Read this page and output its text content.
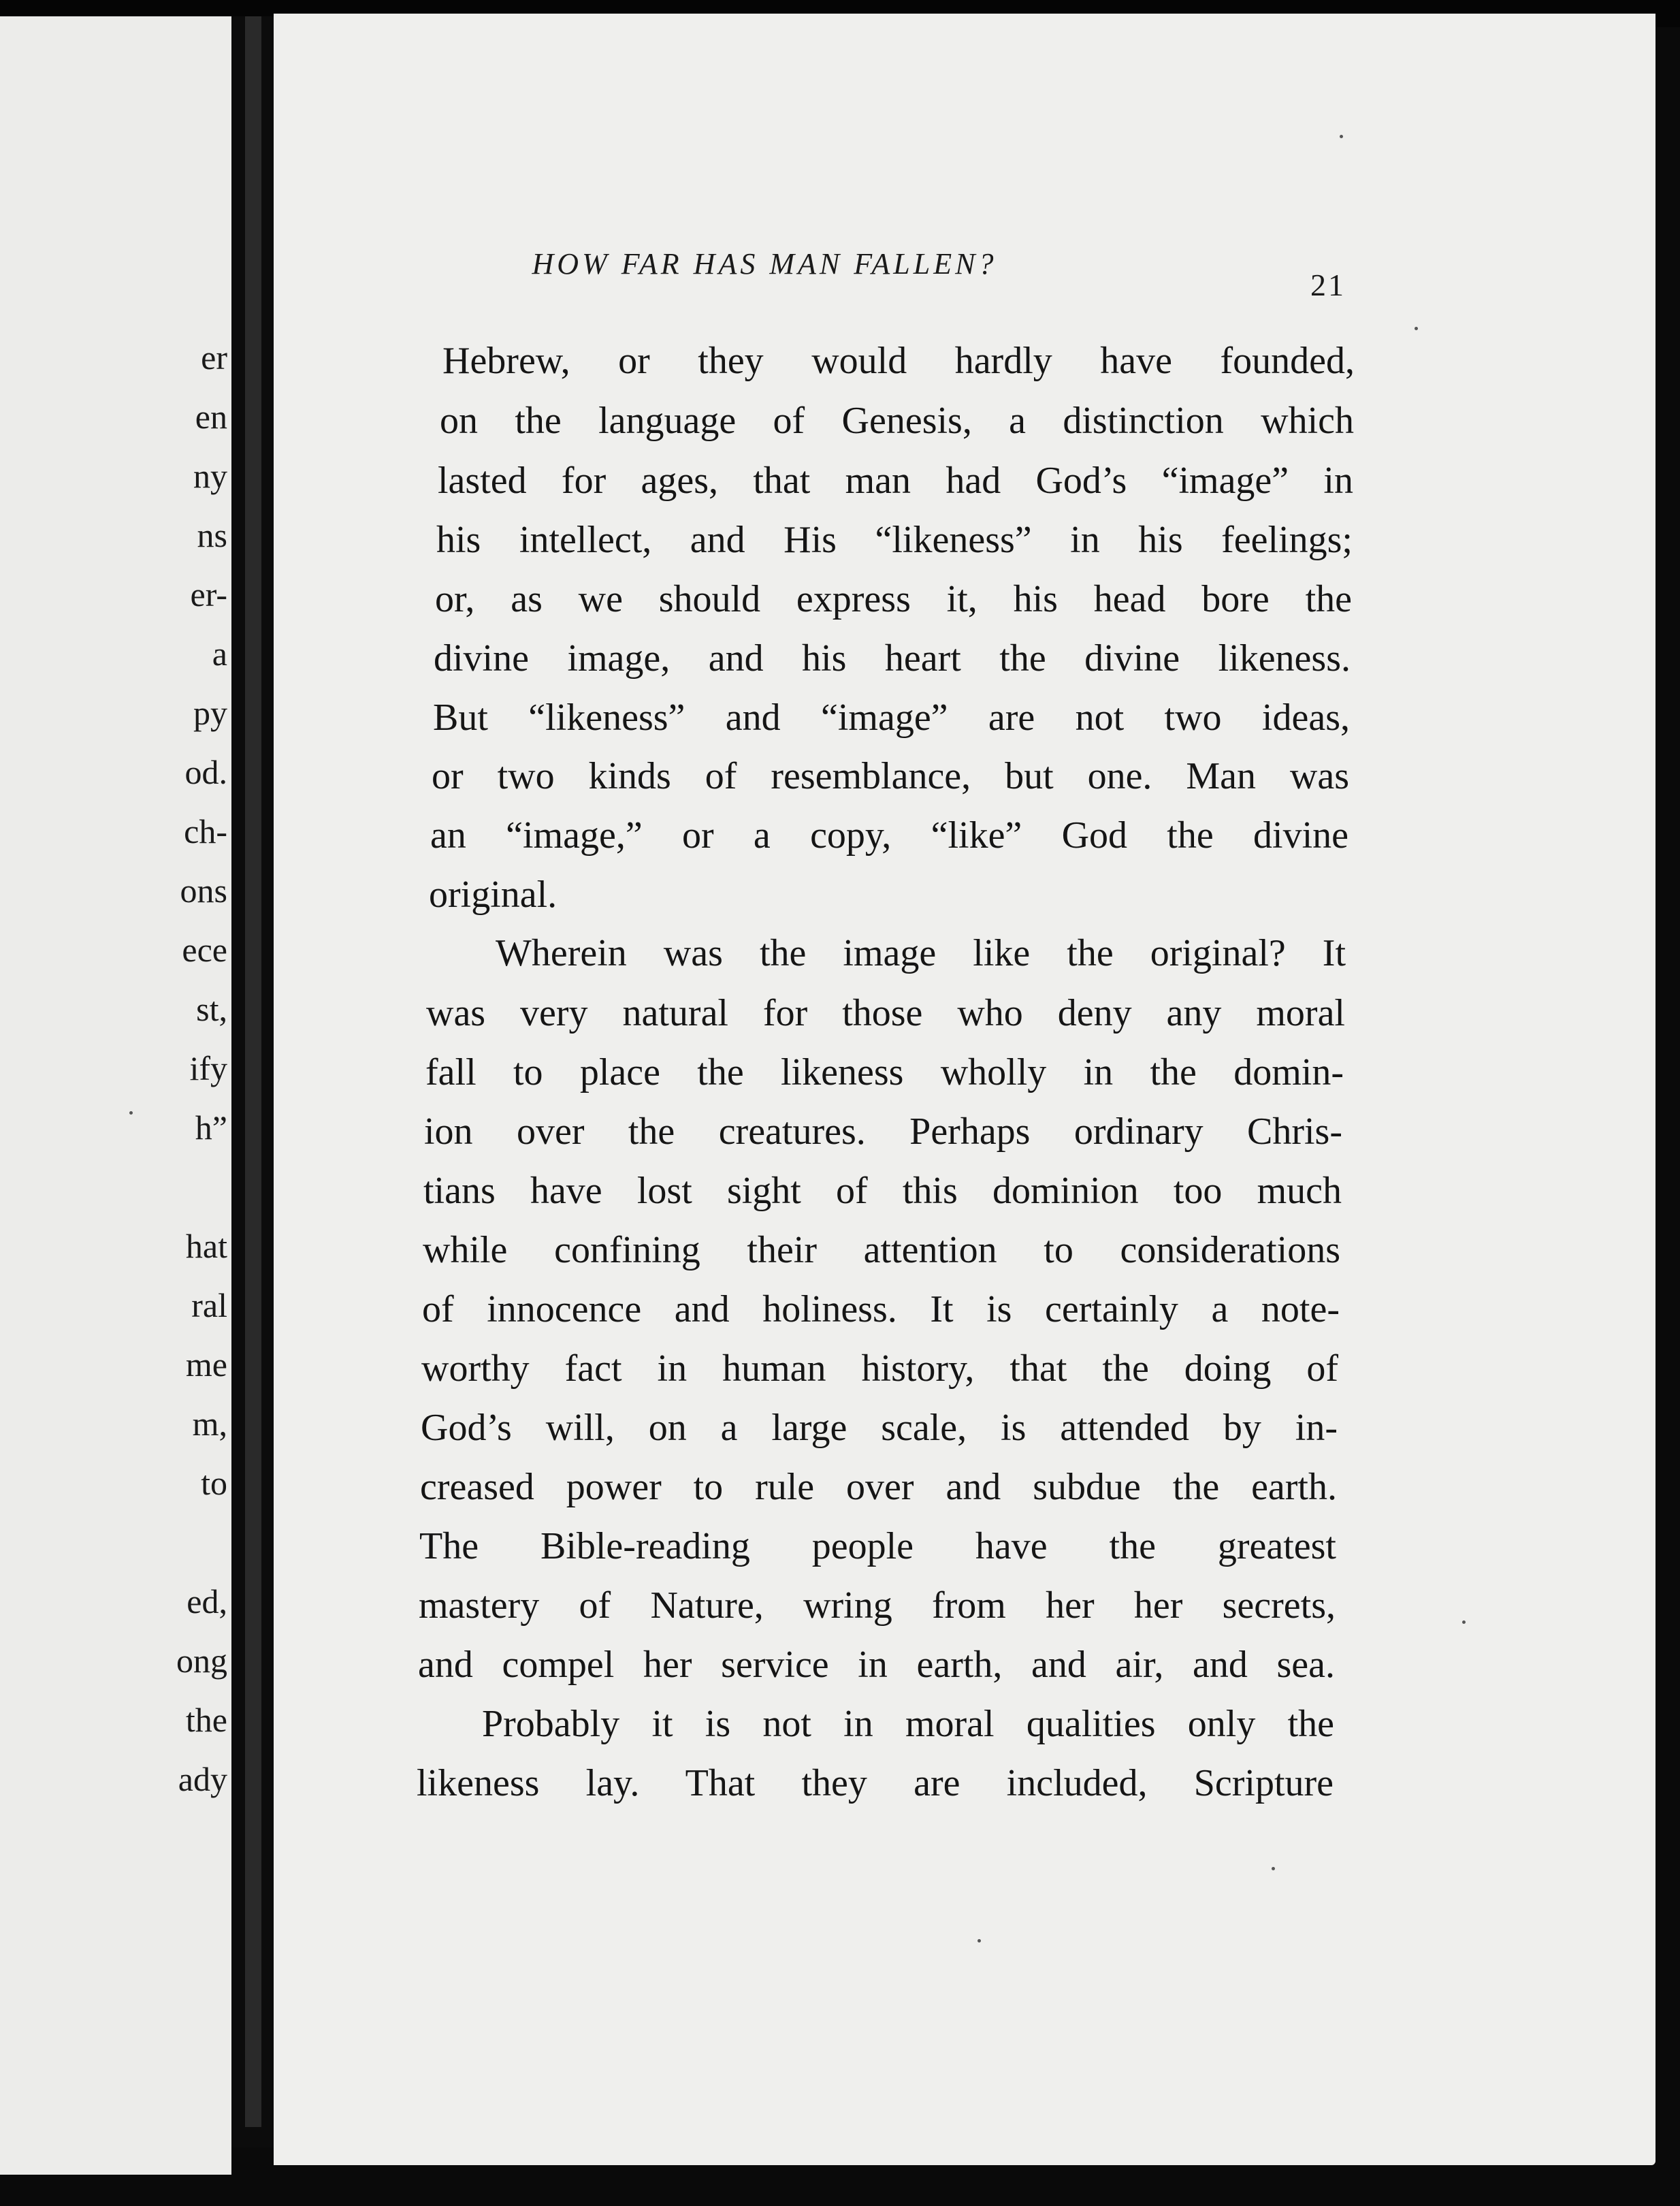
er
en
ny
ns
er-
a
py
od.
ch-
ons
ece
st,
ify
h”
hat
ral
me
m,
to
ed,
ong
the
ady
HOW FAR HAS MAN FALLEN?
21
Hebrew, or they would hardly have founded,
on the language of Genesis, a distinction which
lasted for ages, that man had God’s “image” in
his intellect, and His “likeness” in his feelings;
or, as we should express it, his head bore the
divine image, and his heart the divine likeness.
But “likeness” and “image” are not two ideas,
or two kinds of resemblance, but one. Man was
an “image,” or a copy, “like” God the divine
original.
Wherein was the image like the original? It
was very natural for those who deny any moral
fall to place the likeness wholly in the domin-
ion over the creatures. Perhaps ordinary Chris-
tians have lost sight of this dominion too much
while confining their attention to considerations
of innocence and holiness. It is certainly a note-
worthy fact in human history, that the doing of
God’s will, on a large scale, is attended by in-
creased power to rule over and subdue the earth.
The Bible-reading people have the greatest
mastery of Nature, wring from her her secrets,
and compel her service in earth, and air, and sea.
Probably it is not in moral qualities only the
likeness lay. That they are included, Scripture
